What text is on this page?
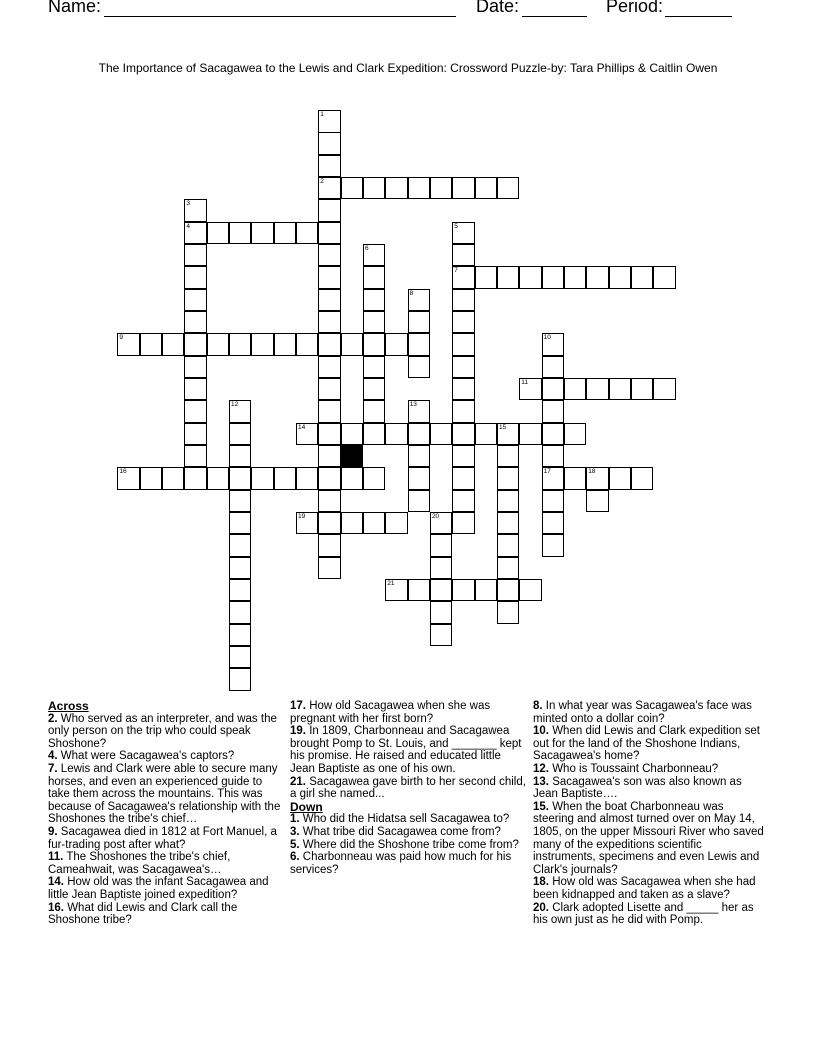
Name:	Date:	Period:
The Importance of Sacagawea to the Lewis and Clark Expedition: Crossword Puzzle-by: Tara Phillips & Caitlin Owen
1
2
3
4	5
7
6
8
9	10
17
11
12	13
14	15
16	18
19	20
21

Across

2. Who served as an interpreter, and was the only person on the trip who could speak Shoshone?

4. What were Sacagawea's captors?

7. Lewis and Clark were able to secure many horses, and even an experienced guide to take them across the mountains. This was because of Sacagawea's relationship with the Shoshones the tribe's chief…

9. Sacagawea died in 1812 at Fort Manuel, a fur-trading post after what?

11. The Shoshones the tribe's chief, Cameahwait, was Sacagawea's…

14. How old was the infant Sacagawea and little Jean Baptiste joined expedition?

16. What did Lewis and Clark call the Shoshone tribe?

17. How old Sacagawea when she was pregnant with her first born?

19. In 1809, Charbonneau and Sacagawea brought Pomp to St. Louis, and _______ kept his promise. He raised and educated little Jean Baptiste as one of his own.

21. Sacagawea gave birth to her second child, a girl she named...

Down

1. Who did the Hidatsa sell Sacagawea to?

3. What tribe did Sacagawea come from?

5. Where did the Shoshone tribe come from?

6. Charbonneau was paid how much for his services?

8. In what year was Sacagawea's face was minted onto a dollar coin?

10. When did Lewis and Clark expedition set out for the land of the Shoshone Indians, Sacagawea's home?

12. Who is Toussaint Charbonneau?

13. Sacagawea's son was also known as Jean Baptiste….

15. When the boat Charbonneau was steering and almost turned over on May 14, 1805, on the upper Missouri River who saved many of the expeditions scientific instruments, specimens and even Lewis and Clark's journals?

18. How old was Sacagawea when she had been kidnapped and taken as a slave?

20. Clark adopted Lisette and _____ her as his own just as he did with Pomp.
